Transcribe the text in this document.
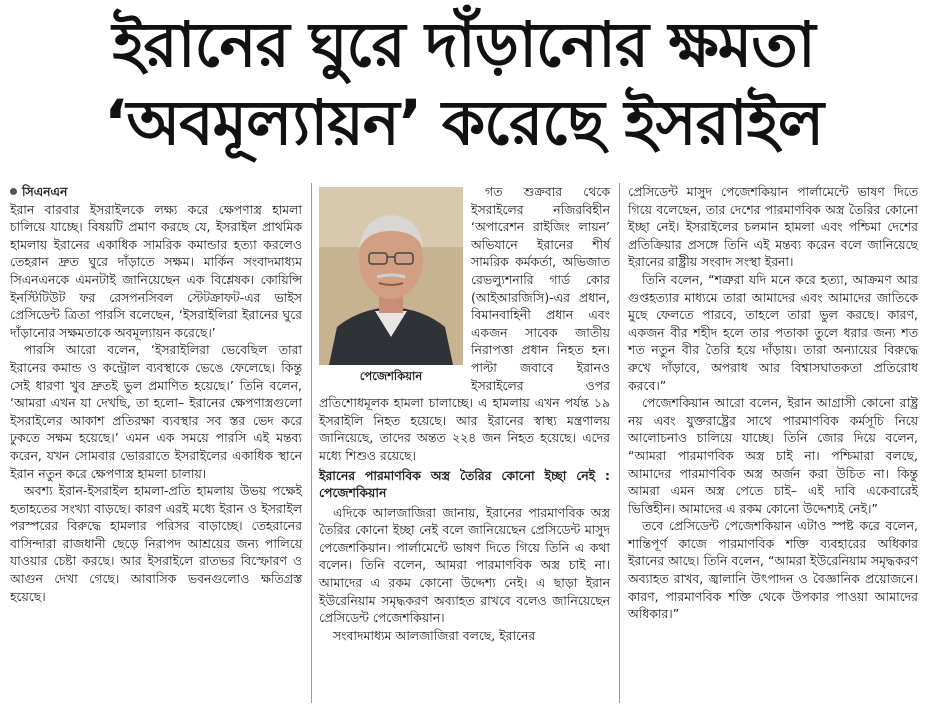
ইরানের ঘুরে দাঁড়ানোর ক্ষমতা
‘অবমূল্যায়ন’ করেছে ইসরাইল
সিএনএন

ইরান বারবার ইসরাইলকে লক্ষ্য করে ক্ষেপণাস্ত্র হামলা চালিয়ে যাচ্ছে। বিষয়টি প্রমাণ করছে যে, ইসরাইল প্রাথমিক হামলায় ইরানের একাধিক সামরিক কমান্ডার হত্যা করলেও তেহরান দ্রুত ঘুরে দাঁড়াতে সক্ষম। মার্কিন সংবাদমাধ্যম সিএনএনকে এমনটাই জানিয়েছেন এক বিশ্লেষক। কোয়িন্সি ইনস্টিটিউট ফর রেসপনসিবল স্টেটক্রাফট-এর ভাইস প্রেসিডেন্ট ত্রিতা পারসি বলেছেন, ‘ইসরাইলিরা ইরানের ঘুরে দাঁড়ানোর সক্ষমতাকে অবমূল্যায়ন করেছে।’

পারসি আরো বলেন, ‘ইসরাইলিরা ভেবেছিল তারা ইরানের কমান্ড ও কন্ট্রোল ব্যবস্থাকে ভেঙে ফেলেছে। কিন্তু সেই ধারণা খুব দ্রুতই ভুল প্রমাণিত হয়েছে।’ তিনি বলেন, ‘আমরা এখন যা দেখছি, তা হলো– ইরানের ক্ষেপণাস্ত্রগুলো ইসরাইলের আকাশ প্রতিরক্ষা ব্যবস্থার সব স্তর ভেদ করে ঢুকতে সক্ষম হয়েছে।’ এমন এক সময়ে পারসি এই মন্তব্য করেন, যখন সোমবার ভোররাতে ইসরাইলের একাধিক স্থানে ইরান নতুন করে ক্ষেপণাস্ত্র হামলা চালায়।

অবশ্য ইরান-ইসরাইল হামলা-প্রতি হামলায় উভয় পক্ষেই হতাহতের সংখ্যা বাড়ছে। কারণ এরই মধ্যে ইরান ও ইসরাইল পরস্পরের বিরুদ্ধে হামলার পরিসর বাড়াচ্ছে। তেহরানের বাসিন্দারা রাজধানী ছেড়ে নিরাপদ আশ্রয়ের জন্য পালিয়ে যাওয়ার চেষ্টা করছে। আর ইসরাইলে রাতভর বিস্ফোরণ ও আগুন দেখা গেছে। আবাসিক ভবনগুলোও ক্ষতিগ্রস্ত হয়েছে।

পেজেশকিয়ান

গত শুক্রবার থেকে ইসরাইলের নজিরবিহীন ‘অপারেশন রাইজিং লায়ন’ অভিযানে ইরানের শীর্ষ সামরিক কর্মকর্তা, অভিজাত রেভল্যুশনারি গার্ড কোর (আইআরজিসি)-এর প্রধান, বিমানবাহিনী প্রধান এবং একজন সাবেক জাতীয় নিরাপত্তা প্রধান নিহত হন। পাল্টা জবাবে ইরানও ইসরাইলের ওপর প্রতিশোধমূলক হামলা চালাচ্ছে। এ হামলায় এখন পর্যন্ত ১৯ ইসরাইলি নিহত হয়েছে। আর ইরানের স্বাস্থ্য মন্ত্রণালয় জানিয়েছে, তাদের অন্তত ২২৪ জন নিহত হয়েছে। এদের মধ্যে শিশুও রয়েছে।

ইরানের পারমাণবিক অস্ত্র তৈরির কোনো ইচ্ছা নেই : পেজেশকিয়ান

এদিকে আলজাজিরা জানায়, ইরানের পারমাণবিক অস্ত্র তৈরির কোনো ইচ্ছা নেই বলে জানিয়েছেন প্রেসিডেন্ট মাসুদ পেজেশকিয়ান। পার্লামেন্টে ভাষণ দিতে গিয়ে তিনি এ কথা বলেন। তিনি বলেন, আমরা পারমাণবিক অস্ত্র চাই না। আমাদের এ রকম কোনো উদ্দেশ্য নেই। এ ছাড়া ইরান ইউরেনিয়াম সমৃদ্ধকরণ অব্যাহত রাখবে বলেও জানিয়েছেন প্রেসিডেন্ট পেজেশকিয়ান।

সংবাদমাধ্যম আলজাজিরা বলছে, ইরানের

প্রেসিডেন্ট মাসুদ পেজেশকিয়ান পার্লামেন্টে ভাষণ দিতে গিয়ে বলেছেন, তার দেশের পারমাণবিক অস্ত্র তৈরির কোনো ইচ্ছা নেই। ইসরাইলের চলমান হামলা এবং পশ্চিমা দেশের প্রতিক্রিয়ার প্রসঙ্গে তিনি এই মন্তব্য করেন বলে জানিয়েছে ইরানের রাষ্ট্রীয় সংবাদ সংস্থা ইরনা।

তিনি বলেন, “শত্রুরা যদি মনে করে হত্যা, আক্রমণ আর গুপ্তহত্যার মাধ্যমে তারা আমাদের এবং আমাদের জাতিকে মুছে ফেলতে পারবে, তাহলে তারা ভুল করছে। কারণ, একজন বীর শহীদ হলে তার পতাকা তুলে ধরার জন্য শত শত নতুন বীর তৈরি হয়ে দাঁড়ায়। তারা অন্যায়ের বিরুদ্ধে রুখে দাঁড়াবে, অপরাধ আর বিশ্বাসঘাতকতা প্রতিরোধ করবে।”

পেজেশকিয়ান আরো বলেন, ইরান আগ্রাসী কোনো রাষ্ট্র নয় এবং যুক্তরাষ্ট্রের সাথে পারমাণবিক কর্মসূচি নিয়ে আলোচনাও চালিয়ে যাচ্ছে। তিনি জোর দিয়ে বলেন, “আমরা পারমাণবিক অস্ত্র চাই না। পশ্চিমারা বলছে, আমাদের পারমাণবিক অস্ত্র অর্জন করা উচিত না। কিন্তু আমরা এমন অস্ত্র পেতে চাই– এই দাবি একেবারেই ভিত্তিহীন। আমাদের এ রকম কোনো উদ্দেশ্যই নেই।”

তবে প্রেসিডেন্ট পেজেশকিয়ান এটাও স্পষ্ট করে বলেন, শান্তিপূর্ণ কাজে পারমাণবিক শক্তি ব্যবহারের অধিকার ইরানের আছে। তিনি বলেন, “আমরা ইউরেনিয়াম সমৃদ্ধকরণ অব্যাহত রাখব, জ্বালানি উৎপাদন ও বৈজ্ঞানিক প্রয়োজনে। কারণ, পারমাণবিক শক্তি থেকে উপকার পাওয়া আমাদের অধিকার।”
